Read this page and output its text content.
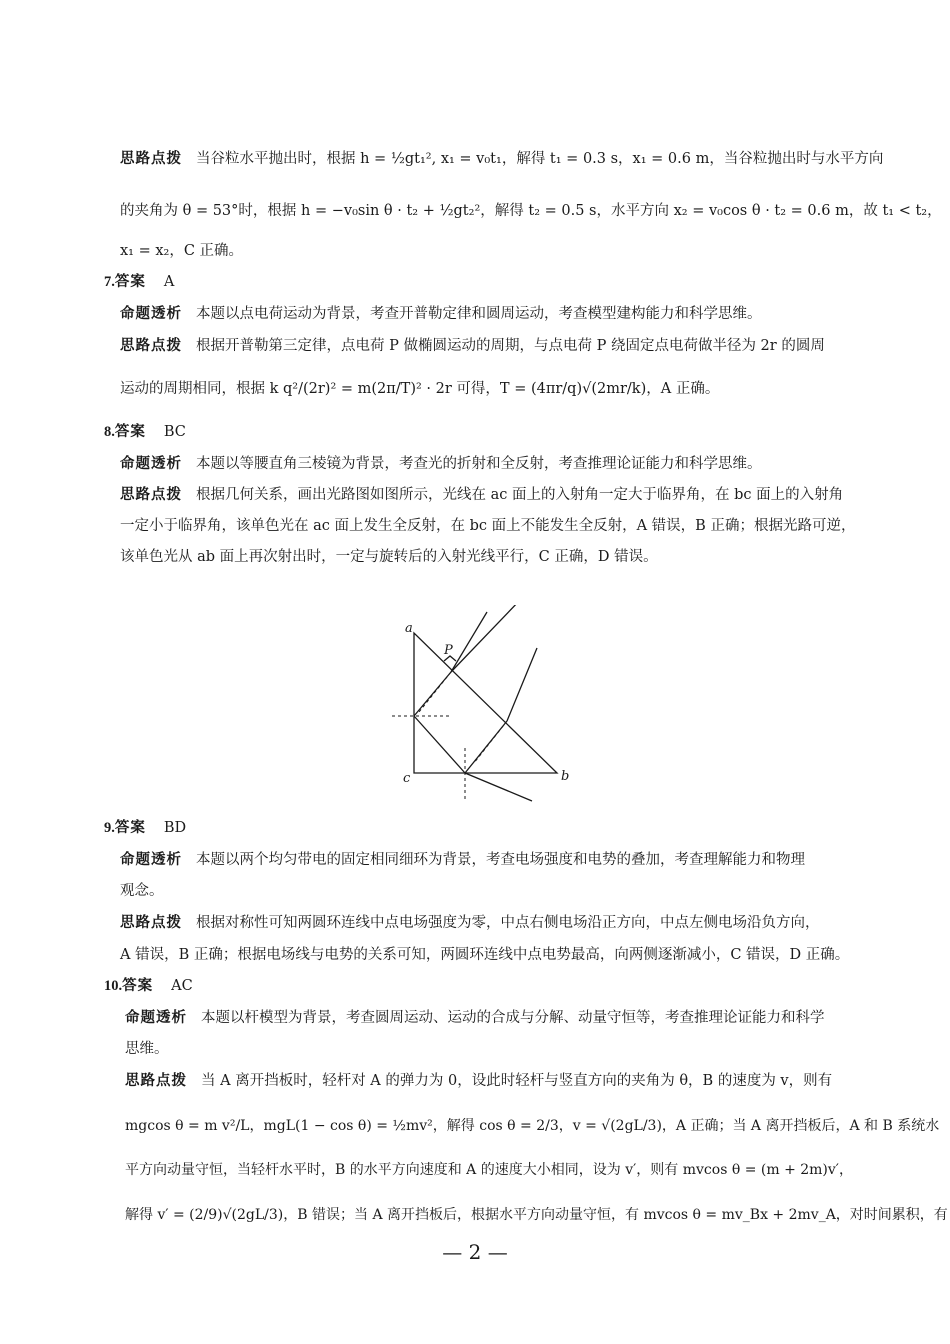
思路点拨 当谷粒水平抛出时，根据 h = ½gt₁², x₁ = v₀t₁，解得 t₁ = 0.3 s，x₁ = 0.6 m，当谷粒抛出时与水平方向
的夹角为 θ = 53°时，根据 h = −v₀sin θ · t₂ + ½gt₂²，解得 t₂ = 0.5 s，水平方向 x₂ = v₀cos θ · t₂ = 0.6 m，故 t₁ < t₂，
x₁ = x₂，C 正确。
7.答案 A
命题透析 本题以点电荷运动为背景，考查开普勒定律和圆周运动，考查模型建构能力和科学思维。
思路点拨 根据开普勒第三定律，点电荷 P 做椭圆运动的周期，与点电荷 P 绕固定点电荷做半径为 2r 的圆周
运动的周期相同，根据 k q²/(2r)² = m(2π/T)² · 2r 可得，T = (4πr/q)√(2mr/k)，A 正确。
8.答案 BC
命题透析 本题以等腰直角三棱镜为背景，考查光的折射和全反射，考查推理论证能力和科学思维。
思路点拨 根据几何关系，画出光路图如图所示，光线在 ac 面上的入射角一定大于临界角，在 bc 面上的入射角
一定小于临界角，该单色光在 ac 面上发生全反射，在 bc 面上不能发生全反射，A 错误，B 正确；根据光路可逆，
该单色光从 ab 面上再次射出时，一定与旋转后的入射光线平行，C 正确，D 错误。
a
c	b
P
9.答案 BD
命题透析 本题以两个均匀带电的固定相同细环为背景，考查电场强度和电势的叠加，考查理解能力和物理
观念。
思路点拨 根据对称性可知两圆环连线中点电场强度为零，中点右侧电场沿正方向，中点左侧电场沿负方向，
A 错误，B 正确；根据电场线与电势的关系可知，两圆环连线中点电势最高，向两侧逐渐减小，C 错误，D 正确。
10.答案 AC
命题透析 本题以杆模型为背景，考查圆周运动、运动的合成与分解、动量守恒等，考查推理论证能力和科学
思维。
思路点拨 当 A 离开挡板时，轻杆对 A 的弹力为 0，设此时轻杆与竖直方向的夹角为 θ，B 的速度为 v，则有
mgcos θ = m v²/L，mgL(1 − cos θ) = ½mv²，解得 cos θ = 2/3，v = √(2gL/3)，A 正确；当 A 离开挡板后，A 和 B 系统水
平方向动量守恒，当轻杆水平时，B 的水平方向速度和 A 的速度大小相同，设为 v′，则有 mvcos θ = (m + 2m)v′，
解得 v′ = (2/9)√(2gL/3)，B 错误；当 A 离开挡板后，根据水平方向动量守恒，有 mvcos θ = mv_Bx + 2mv_A，对时间累积，有
— 2 —
